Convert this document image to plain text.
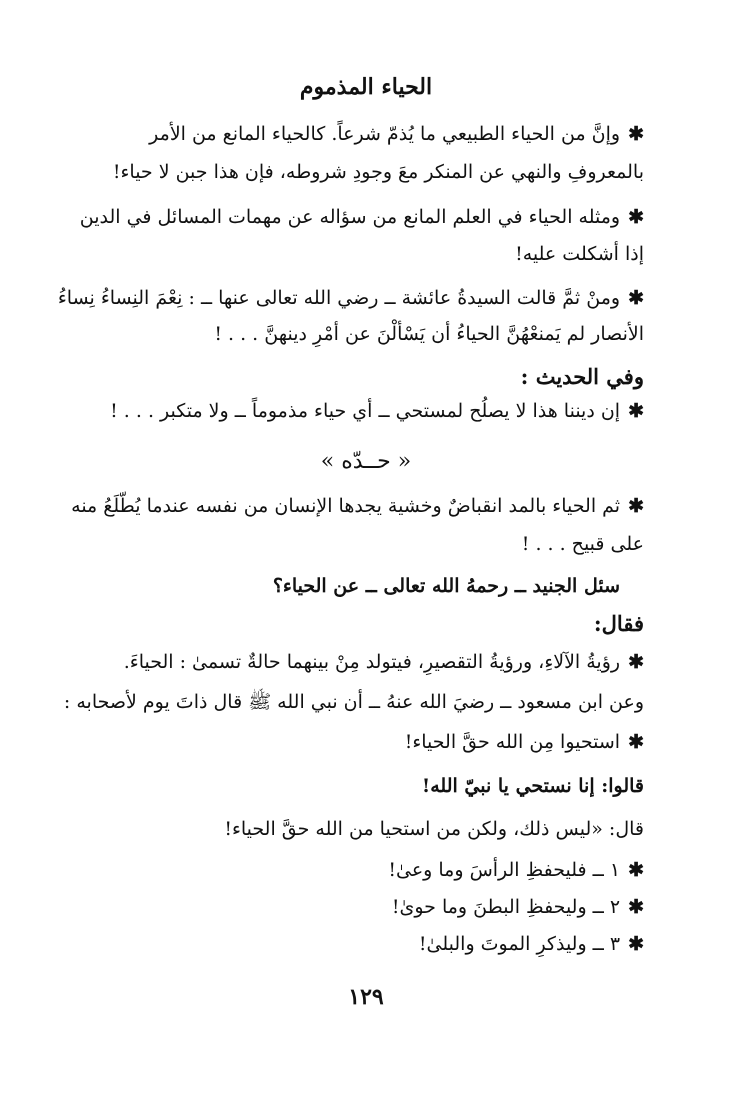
الحياء المذموم
✱وإنَّ من الحياء الطبيعي ما يُذمّ شرعاً. كالحياء المانع من الأمر
بالمعروفِ والنهي عن المنكر معَ وجودِ شروطه، فإن هذا جبن لا حياء!
✱ومثله الحياء في العلم المانع من سؤاله عن مهمات المسائل في الدين
إذا أشكلت عليه!
✱ومنْ ثمَّ قالت السيدةُ عائشة ــ رضي الله تعالى عنها ــ : نِعْمَ النِساءُ نِساءُ
الأنصار لم يَمنعْهُنَّ الحياءُ أن يَسْألْنَ عن أمْرِ دينهنَّ . . . !
وفي الحديث :
✱إن ديننا هذا لا يصلُح لمستحي ــ أي حياء مذموماً ــ ولا متكبر . . . !
« حــدّه »
✱ثم الحياء بالمد انقباضٌ وخشية يجدها الإنسان من نفسه عندما يُطّلَعُ منه
على قبيح . . . !
سئل الجنيد ــ رحمهُ الله تعالى ــ عن الحياء؟
فقال:
✱رؤيةُ الآلاءِ، ورؤيةُ التقصيرِ، فيتولد مِنْ بينهما حالةٌ تسمىٰ : الحياءَ.
وعن ابن مسعود ــ رضيَ الله عنهُ ــ أن نبي الله ﷺ قال ذاتَ يوم لأصحابه :
✱استحيوا مِن الله حقَّ الحياء!
قالوا: إنا نستحي يا نبيّ الله!
قال: «ليس ذلك، ولكن من استحيا من الله حقَّ الحياء!
✱١ ــ فليحفظِ الرأسَ وما وعىٰ!
✱٢ ــ وليحفظِ البطنَ وما حوىٰ!
✱٣ ــ وليذكرِ الموتَ والبلىٰ!
١٢٩
